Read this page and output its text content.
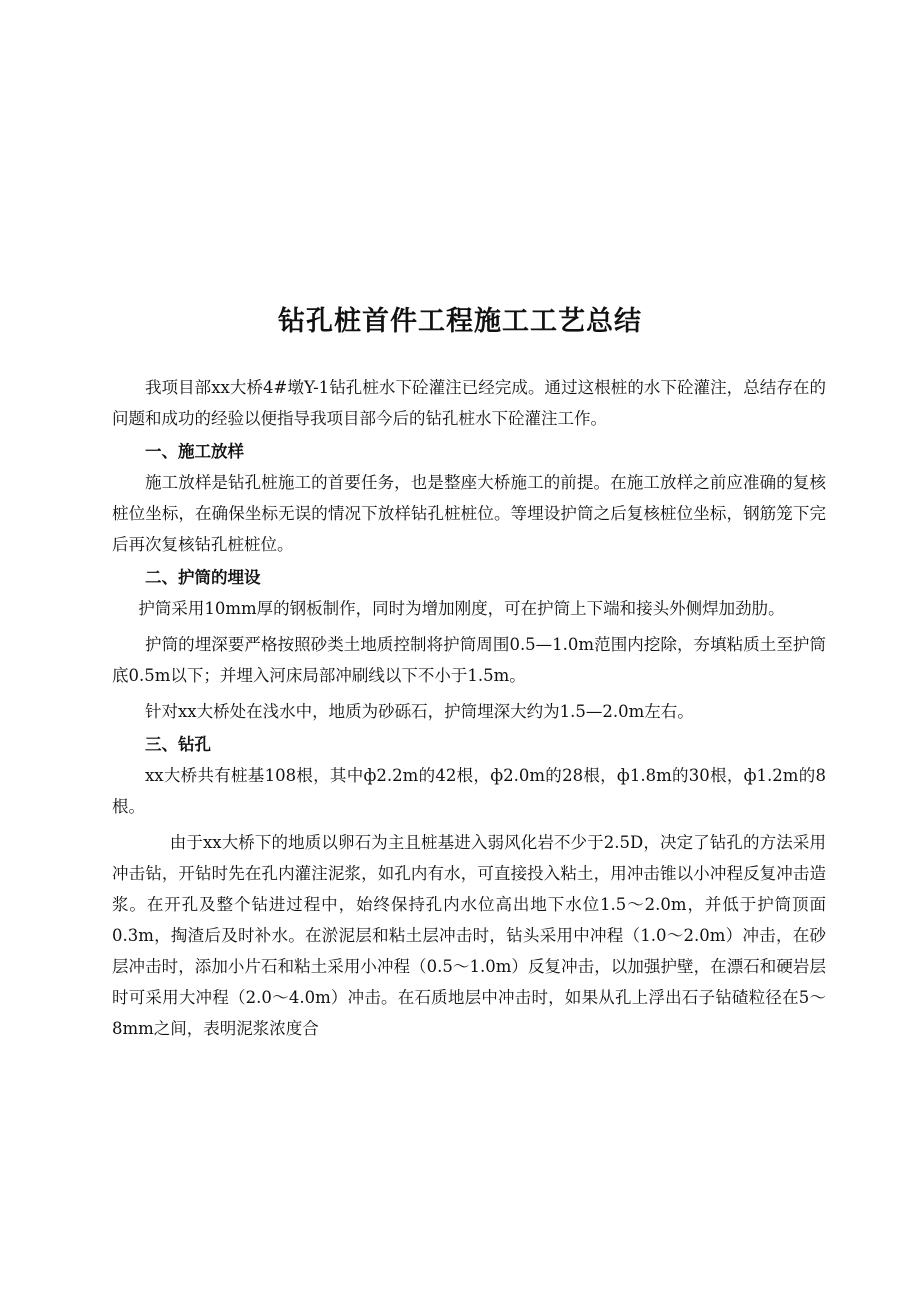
钻孔桩首件工程施工工艺总结

我项目部xx大桥4#墩Y-1钻孔桩水下砼灌注已经完成。通过这根桩的水下砼灌注，总结存在的问题和成功的经验以便指导我项目部今后的钻孔桩水下砼灌注工作。

一、施工放样

施工放样是钻孔桩施工的首要任务，也是整座大桥施工的前提。在施工放样之前应准确的复核桩位坐标，在确保坐标无误的情况下放样钻孔桩桩位。等埋设护筒之后复核桩位坐标，钢筋笼下完后再次复核钻孔桩桩位。

二、护筒的埋设

护筒采用10mm厚的钢板制作，同时为增加刚度，可在护筒上下端和接头外侧焊加劲肋。

护筒的埋深要严格按照砂类土地质控制将护筒周围0.5—1.0m范围内挖除，夯填粘质土至护筒底0.5m以下；并埋入河床局部冲刷线以下不小于1.5m。

针对xx大桥处在浅水中，地质为砂砾石，护筒埋深大约为1.5—2.0m左右。

三、钻孔

xx大桥共有桩基108根，其中ф2.2m的42根，ф2.0m的28根，ф1.8m的30根，ф1.2m的8根。

由于xx大桥下的地质以卵石为主且桩基进入弱风化岩不少于2.5D，决定了钻孔的方法采用冲击钻，开钻时先在孔内灌注泥浆，如孔内有水，可直接投入粘土，用冲击锥以小冲程反复冲击造浆。在开孔及整个钻进过程中，始终保持孔内水位高出地下水位1.5～2.0m，并低于护筒顶面0.3m，掏渣后及时补水。在淤泥层和粘土层冲击时，钻头采用中冲程（1.0～2.0m）冲击，在砂层冲击时，添加小片石和粘土采用小冲程（0.5～1.0m）反复冲击，以加强护壁，在漂石和硬岩层时可采用大冲程（2.0～4.0m）冲击。在石质地层中冲击时，如果从孔上浮出石子钻碴粒径在5～8mm之间，表明泥浆浓度合
